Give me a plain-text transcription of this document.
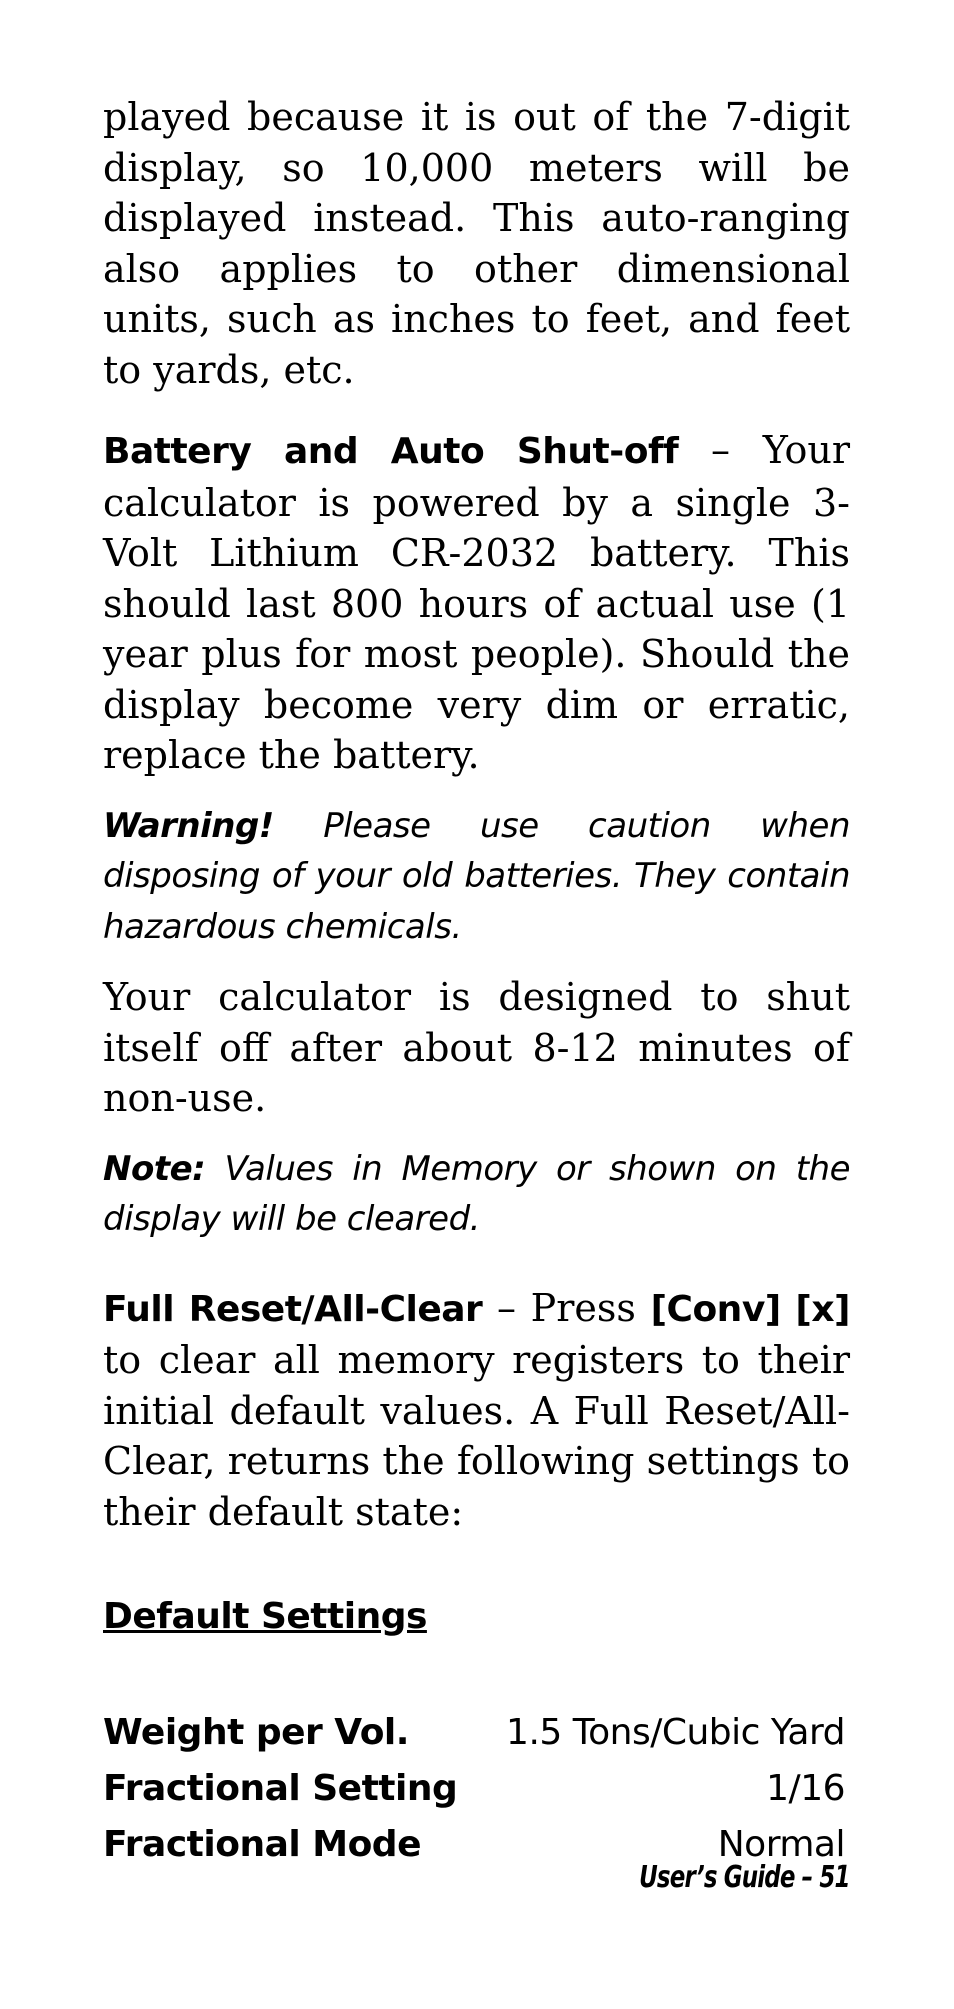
played because it is out of the 7-digit display, so 10,000 meters will be displayed instead. This auto-ranging also applies to other dimensional units, such as inches to feet, and feet to yards, etc.

Battery and Auto Shut-off – Your calculator is powered by a single 3-Volt Lithium CR-2032 battery. This should last 800 hours of actual use (1 year plus for most people). Should the display become very dim or erratic, replace the battery.

Warning! Please use caution when disposing of your old batteries. They contain hazardous chemicals.

Your calculator is designed to shut itself off after about 8-12 minutes of non-use.

Note: Values in Memory or shown on the display will be cleared.

Full Reset/All-Clear – Press [Conv] [x] to clear all memory registers to their initial default values. A Full Reset/All-Clear, returns the following settings to their default state:

Default Settings
Weight per Vol.	1.5 Tons/Cubic Yard
Fractional Setting	1/16
Fractional Mode	Normal
User’s Guide – 51
